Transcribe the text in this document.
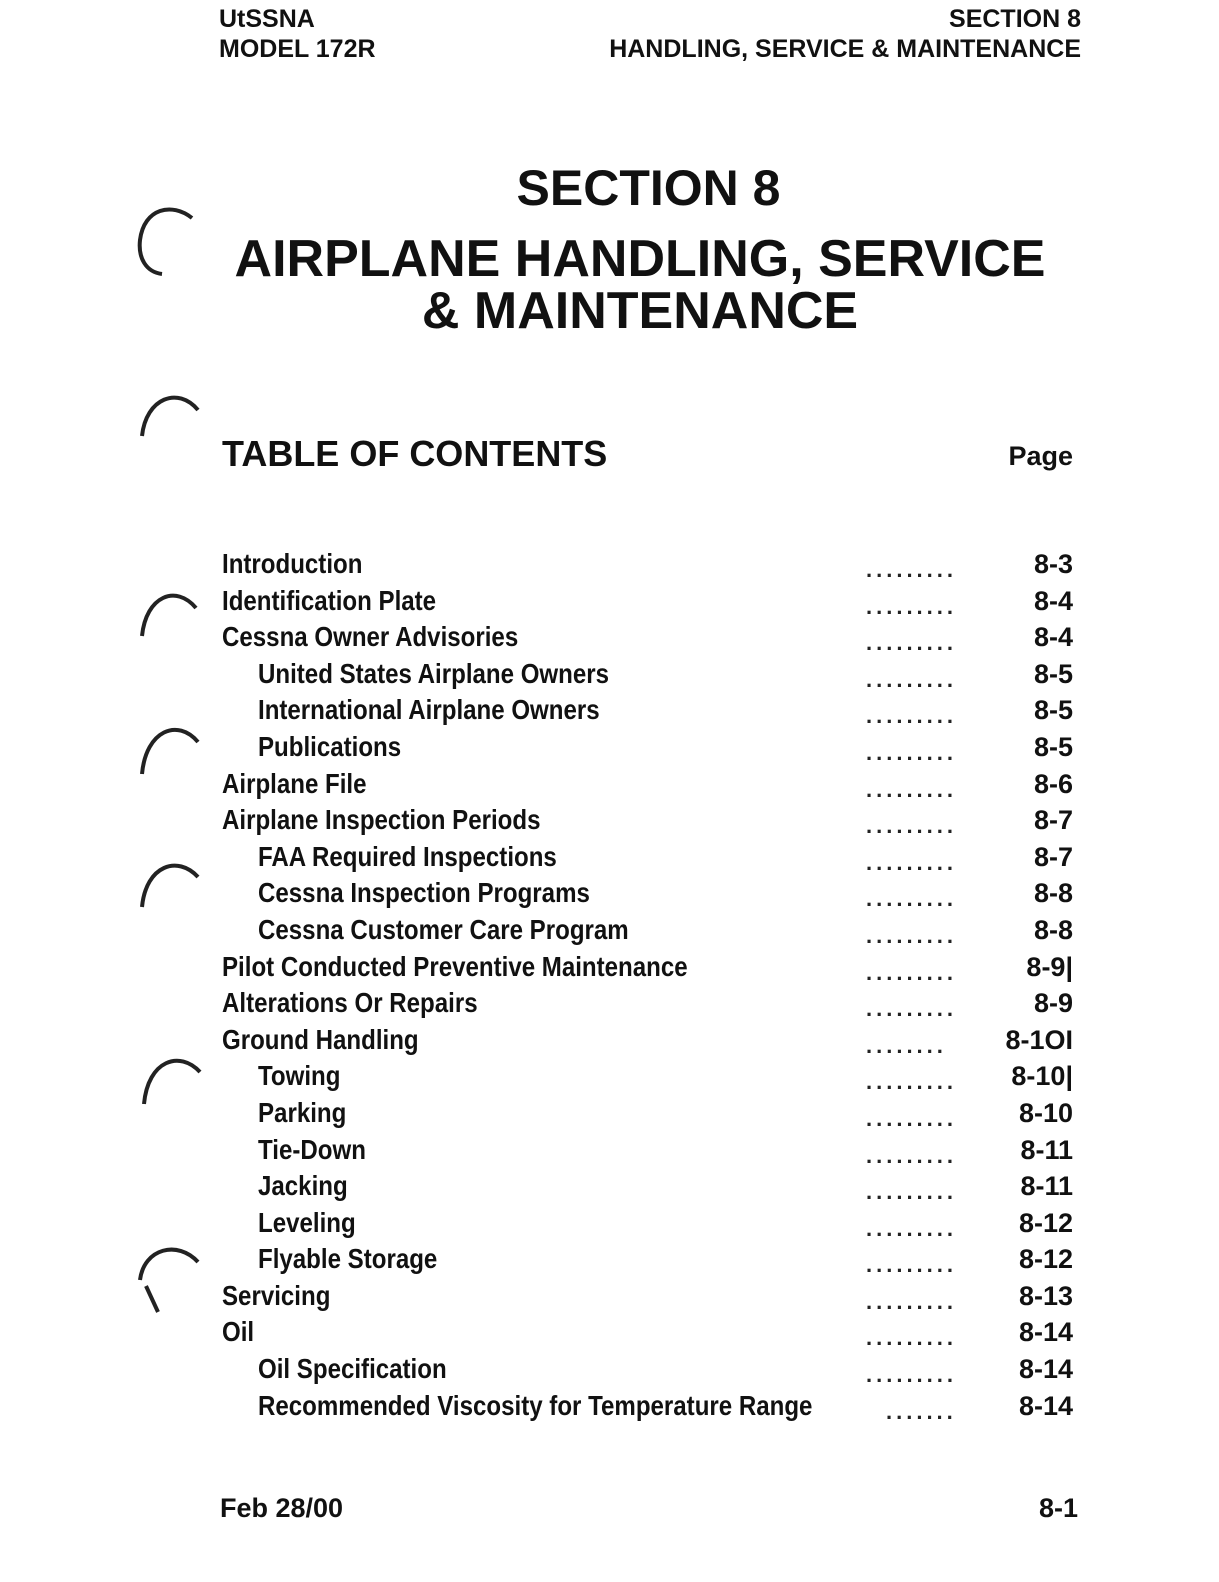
UtSSNA
MODEL 172R
SECTION 8
HANDLING, SERVICE & MAINTENANCE
SECTION 8
AIRPLANE HANDLING, SERVICE
& MAINTENANCE
TABLE OF CONTENTS	Page
Introduction	.........	8-3
Identification Plate	.........	8-4
Cessna Owner Advisories	.........	8-4
United States Airplane Owners	.........	8-5
International Airplane Owners	.........	8-5
Publications	.........	8-5
Airplane File	.........	8-6
Airplane Inspection Periods	.........	8-7
FAA Required Inspections	.........	8-7
Cessna Inspection Programs	.........	8-8
Cessna Customer Care Program	.........	8-8
Pilot Conducted Preventive Maintenance	.........	8-9|
Alterations Or Repairs	.........	8-9
Ground Handling	........ 8-1OI
Towing	......... 8-10|
Parking	......... 8-10
Tie-Down	......... 8-11
Jacking	......... 8-11
Leveling	......... 8-12
Flyable Storage	......... 8-12
Servicing	......... 8-13
Oil	......... 8-14
Oil Specification	......... 8-14
Recommended Viscosity for Temperature Range	....... 8-14
Feb 28/00	8-1
